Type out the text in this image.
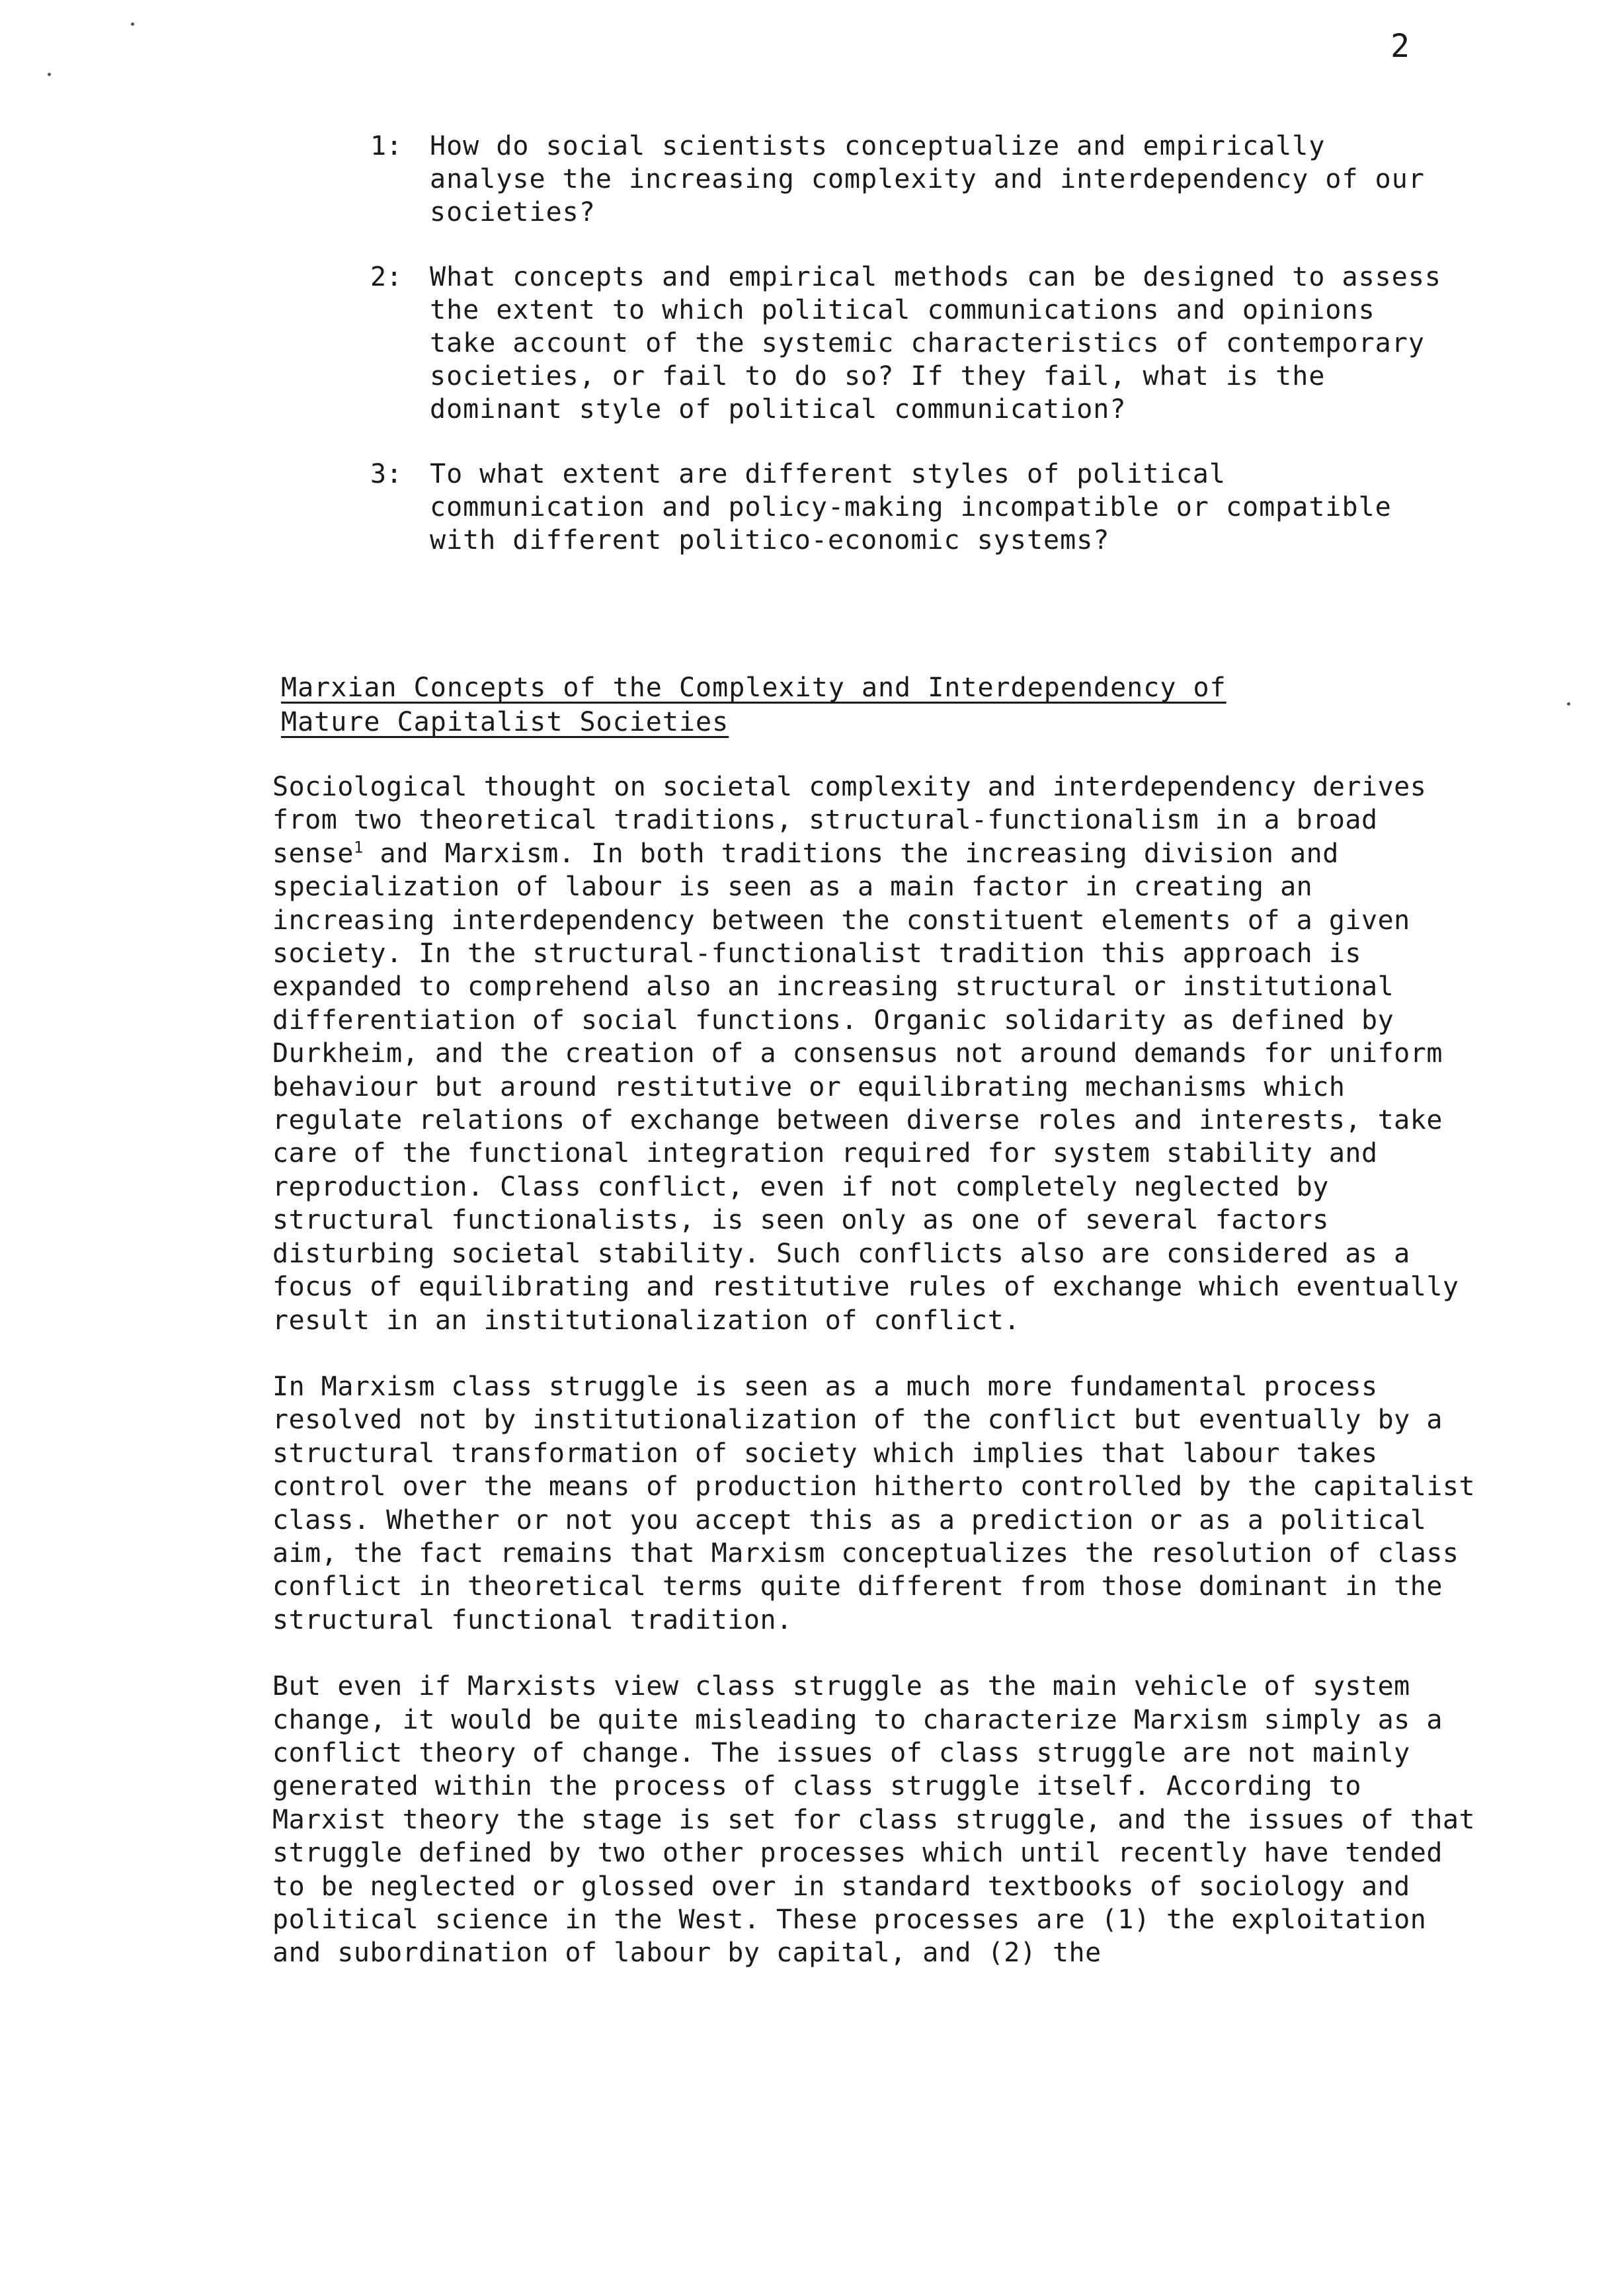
2
1:	How do social scientists conceptualize and empirically analyse the increasing complexity and interdependency of our societies?
2:	What concepts and empirical methods can be designed to assess the extent to which political communications and opinions take account of the systemic characteristics of contemporary societies, or fail to do so? If they fail, what is the dominant style of political communication?
3:	To what extent are different styles of political communication and policy-making incompatible or compatible with different politico-economic systems?
Marxian Concepts of the Complexity and Interdependency of Mature Capitalist Societies

Sociological thought on societal complexity and interdependency derives from two theoretical traditions, structural-functionalism in a broad sense$^1$ and Marxism. In both traditions the increasing division and specialization of labour is seen as a main factor in creating an increasing interdependency between the constituent elements of a given society. In the structural-functionalist tradition this approach is expanded to comprehend also an increasing structural or institutional differentiation of social functions. Organic solidarity as defined by Durkheim, and the creation of a consensus not around demands for uniform behaviour but around restitutive or equilibrating mechanisms which regulate relations of exchange between diverse roles and interests, take care of the functional integration required for system stability and reproduction. Class conflict, even if not completely neglected by structural functionalists, is seen only as one of several factors disturbing societal stability. Such conflicts also are considered as a focus of equilibrating and restitutive rules of exchange which eventually result in an institutionalization of conflict.

In Marxism class struggle is seen as a much more fundamental process resolved not by institutionalization of the conflict but eventually by a structural transformation of society which implies that labour takes control over the means of production hitherto controlled by the capitalist class. Whether or not you accept this as a prediction or as a political aim, the fact remains that Marxism conceptualizes the resolution of class conflict in theoretical terms quite different from those dominant in the structural functional tradition.

But even if Marxists view class struggle as the main vehicle of system change, it would be quite misleading to characterize Marxism simply as a conflict theory of change. The issues of class struggle are not mainly generated within the process of class struggle itself. According to Marxist theory the stage is set for class struggle, and the issues of that struggle defined by two other processes which until recently have tended to be neglected or glossed over in standard textbooks of sociology and political science in the West. These processes are (1) the exploitation and subordination of labour by capital, and (2) the
